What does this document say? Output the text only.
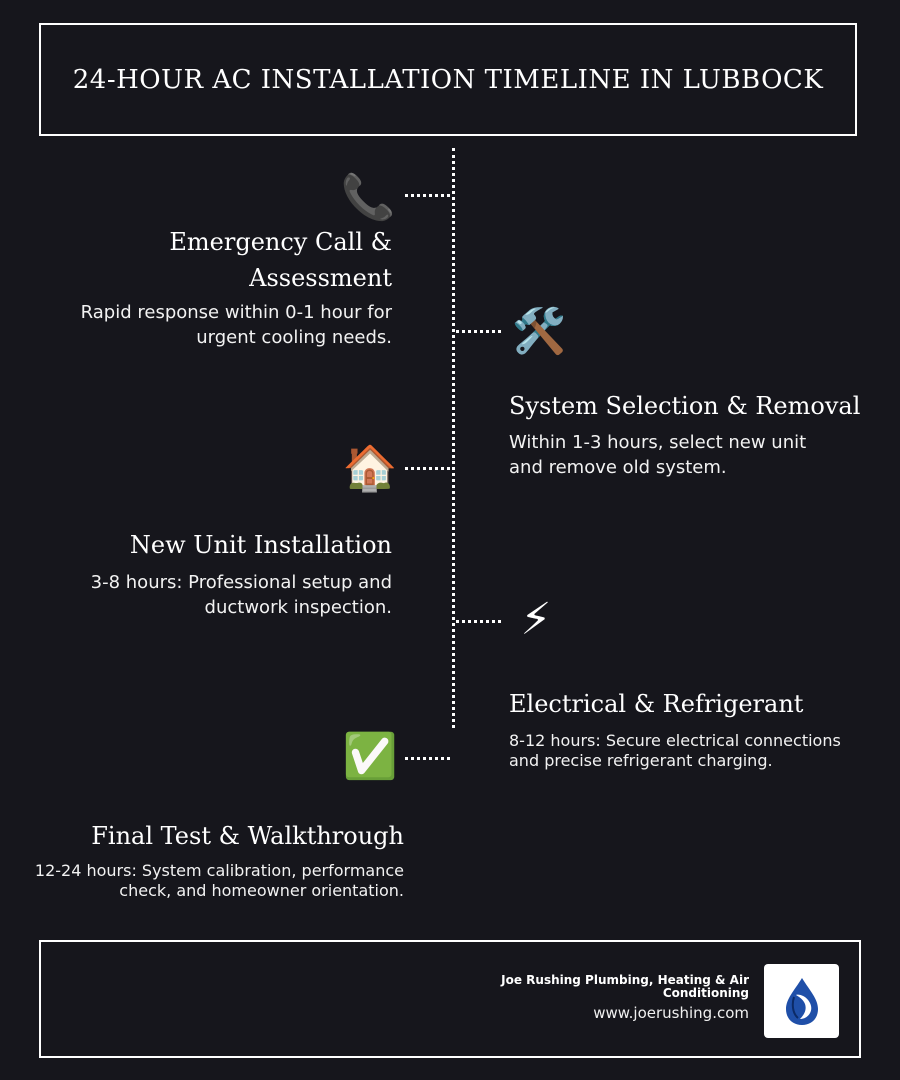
24-HOUR AC INSTALLATION TIMELINE IN LUBBOCK
📞
Emergency Call &
Assessment
Rapid response within 0-1 hour for
urgent cooling needs.	🛠️
System Selection & Removal
Within 1-3 hours, select new unit
and remove old system.
🏠
New Unit Installation
3-8 hours: Professional setup and
ductwork inspection.	⚡
Electrical & Refrigerant
8-12 hours: Secure electrical connections
and precise refrigerant charging.
✅
Final Test & Walkthrough
12-24 hours: System calibration, performance
check, and homeowner orientation.
Joe Rushing Plumbing, Heating & Air
Conditioning
www.joerushing.com
